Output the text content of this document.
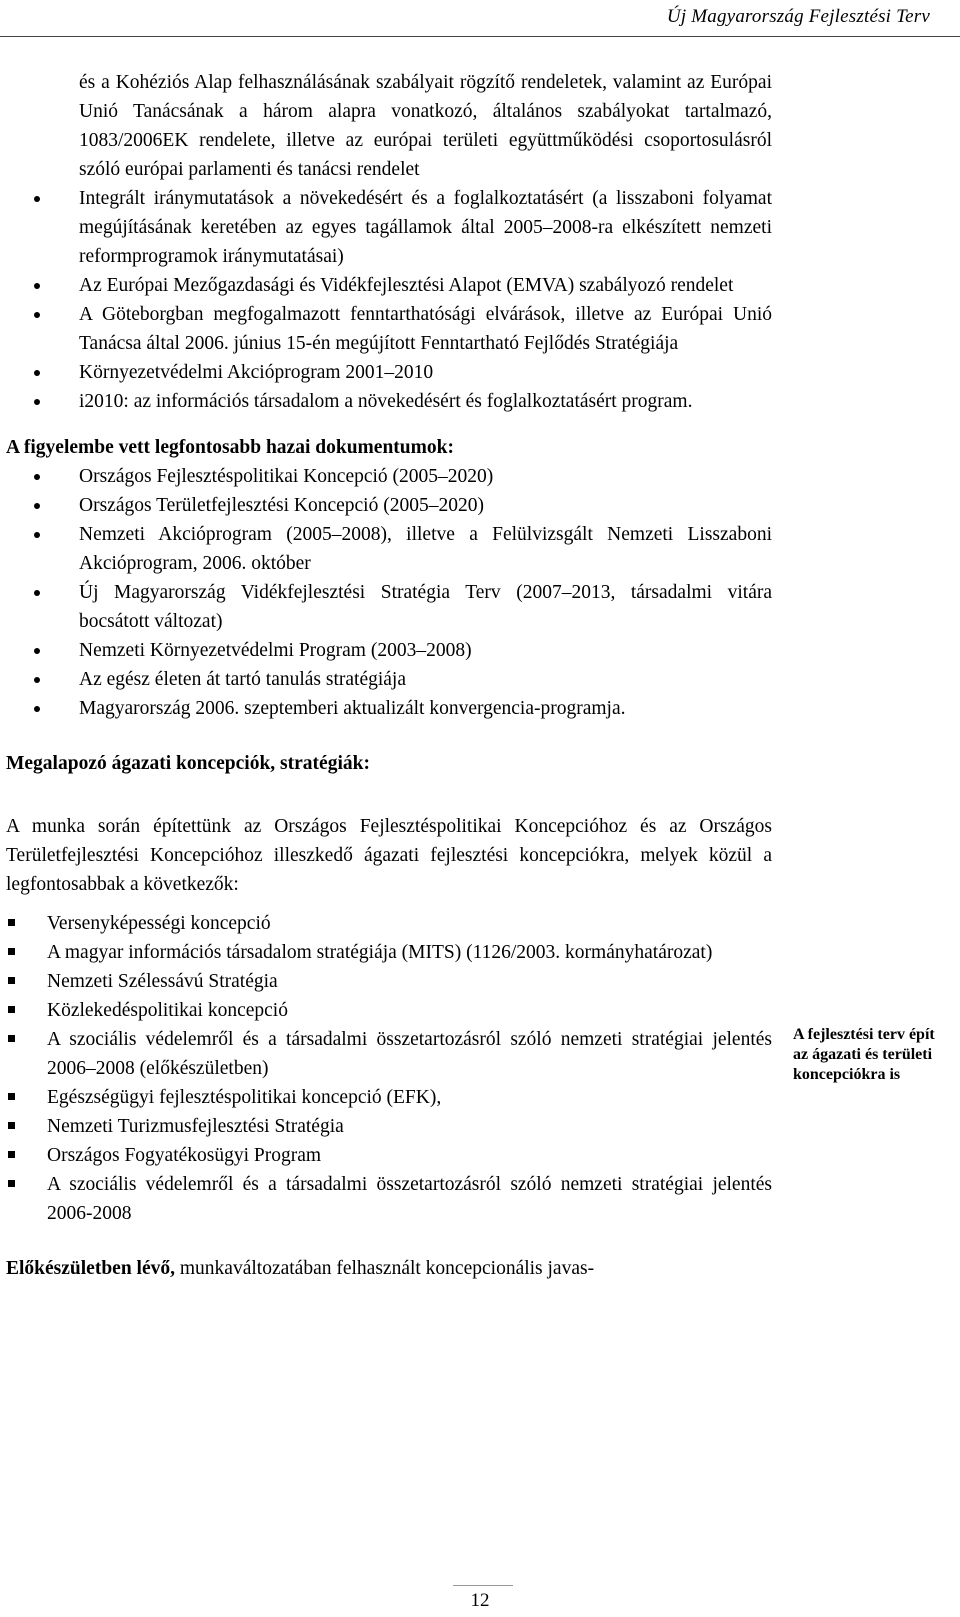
Új Magyarország Fejlesztési Terv

és a Kohéziós Alap felhasználásának szabályait rögzítő rendeletek, valamint az Európai Unió Tanácsának a három alapra vonatkozó, általános szabályokat tartalmazó, 1083/2006EK rendelete, illetve az európai területi együttműködési csoportosulásról szóló európai parlamenti és tanácsi rendelet

Integrált iránymutatások a növekedésért és a foglalkoztatásért (a lisszaboni folyamat megújításának keretében az egyes tagállamok által 2005–2008-ra elkészített nemzeti reformprogramok iránymutatásai)
Az Európai Mezőgazdasági és Vidékfejlesztési Alapot (EMVA) szabályozó rendelet
A Göteborgban megfogalmazott fenntarthatósági elvárások, illetve az Európai Unió Tanácsa által 2006. június 15-én megújított Fenntartható Fejlődés Stratégiája
Környezetvédelmi Akcióprogram 2001–2010
i2010: az információs társadalom a növekedésért és foglalkoztatásért program.

A figyelembe vett legfontosabb hazai dokumentumok:

Országos Fejlesztéspolitikai Koncepció (2005–2020)
Országos Területfejlesztési Koncepció (2005–2020)
Nemzeti Akcióprogram (2005–2008), illetve a Felülvizsgált Nemzeti Lisszaboni Akcióprogram, 2006. október
Új Magyarország Vidékfejlesztési Stratégia Terv (2007–2013, társadalmi vitára bocsátott változat)
Nemzeti Környezetvédelmi Program (2003–2008)
Az egész életen át tartó tanulás stratégiája
Magyarország 2006. szeptemberi aktualizált konvergencia-programja.

Megalapozó ágazati koncepciók, stratégiák:

A munka során építettünk az Országos Fejlesztéspolitikai Koncepcióhoz és az Országos Területfejlesztési Koncepcióhoz illeszkedő ágazati fejlesztési koncepciókra, melyek közül a legfontosabbak a következők:

Versenyképességi koncepció
A magyar információs társadalom stratégiája (MITS) (1126/2003. kormányhatározat)
Nemzeti Szélessávú Stratégia
Közlekedéspolitikai koncepció
A szociális védelemről és a társadalmi összetartozásról szóló nemzeti stratégiai jelentés 2006–2008 (előkészületben)
Egészségügyi fejlesztéspolitikai koncepció (EFK),
Nemzeti Turizmusfejlesztési Stratégia
Országos Fogyatékosügyi Program
A szociális védelemről és a társadalmi összetartozásról szóló nemzeti stratégiai jelentés 2006-2008

Előkészületben lévő, munkaváltozatában felhasznált koncepcionális javas-

A fejlesztési terv épít az ágazati és területi koncepciókra is
12
